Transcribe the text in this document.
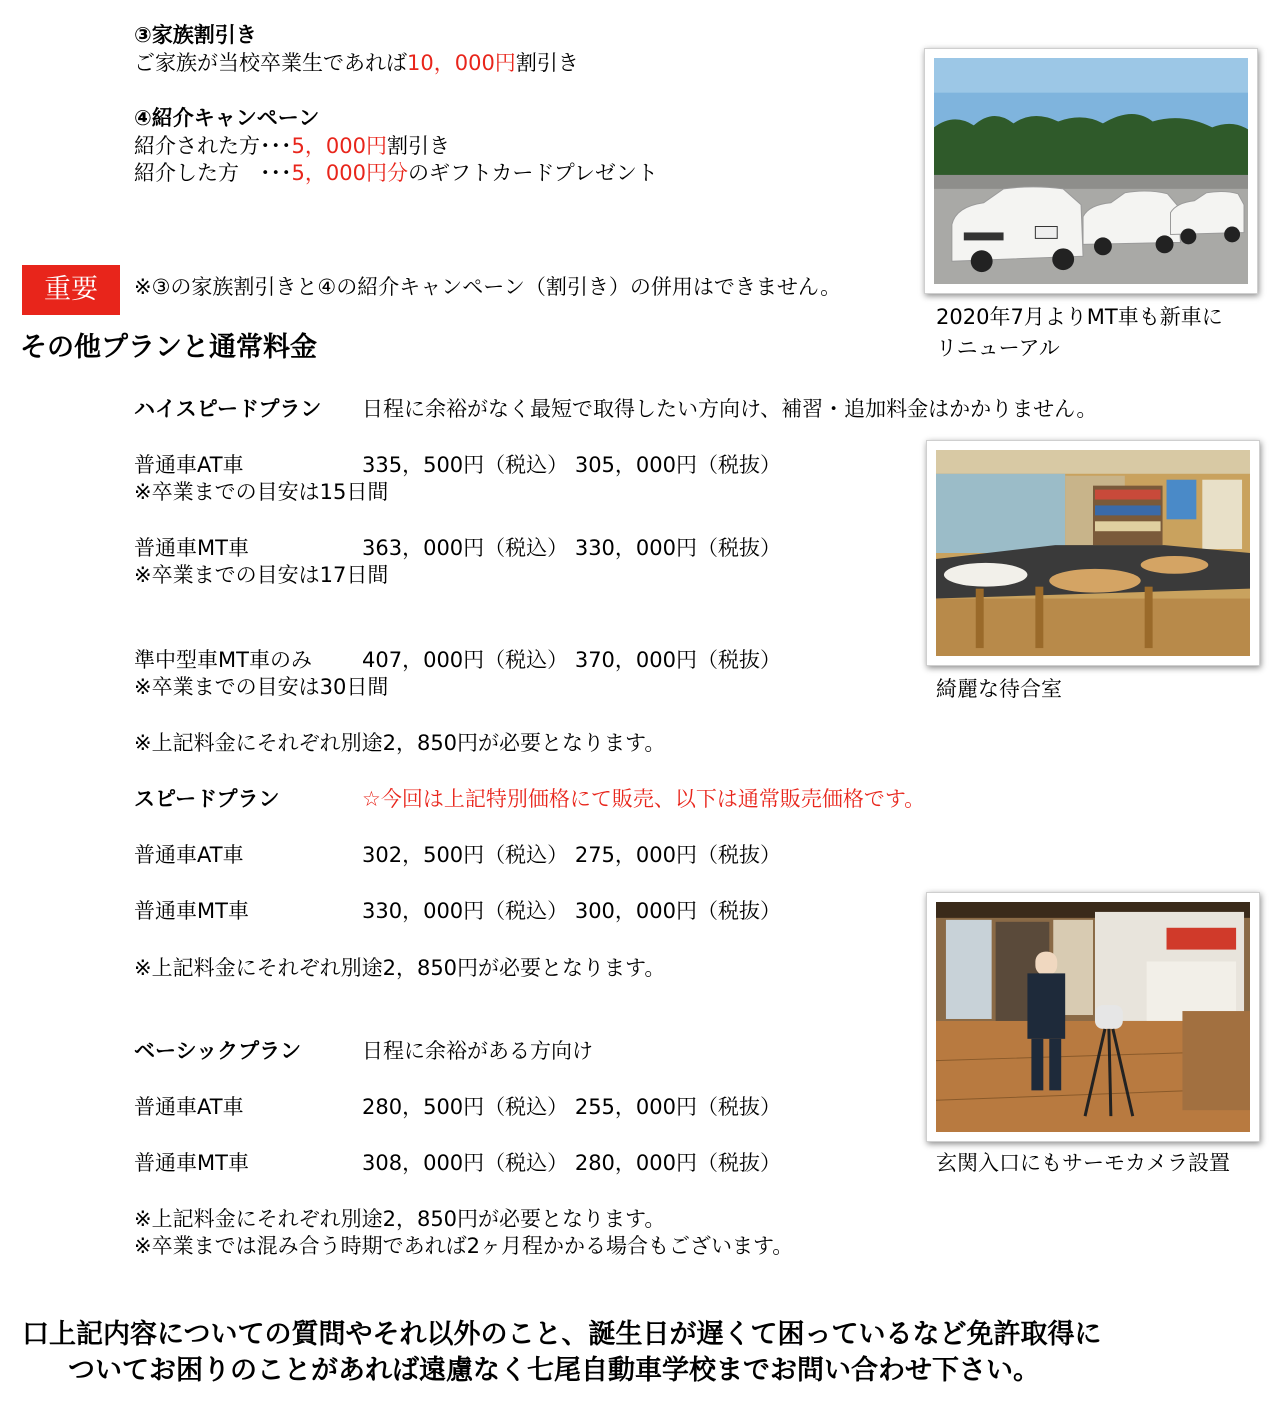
③家族割引き
ご家族が当校卒業生であれば10，000円割引き
④紹介キャンペーン
紹介された方･･･5，000円割引き
紹介した方　･･･5，000円分のギフトカードプレゼント
重要	※③の家族割引きと④の紹介キャンペーン（割引き）の併用はできません。
その他プランと通常料金
ハイスピードプラン 日程に余裕がなく最短で取得したい方向け、補習・追加料金はかかりません。
普通車AT車	335，500円（税込） 305，000円（税抜）
※卒業までの目安は15日間
普通車MT車	363，000円（税込） 330，000円（税抜）
※卒業までの目安は17日間
準中型車MT車のみ 407，000円（税込） 370，000円（税抜）
※卒業までの目安は30日間
※上記料金にそれぞれ別途2，850円が必要となります。
スピードプラン	☆今回は上記特別価格にて販売、以下は通常販売価格です。
普通車AT車	302，500円（税込） 275，000円（税抜）
普通車MT車	330，000円（税込） 300，000円（税抜）
※上記料金にそれぞれ別途2，850円が必要となります。
ベーシックプラン	日程に余裕がある方向け
普通車AT車	280，500円（税込） 255，000円（税抜）
普通車MT車	308，000円（税込） 280，000円（税抜）
※上記料金にそれぞれ別途2，850円が必要となります。
※卒業までは混み合う時期であれば2ヶ月程かかる場合もございます。
口上記内容についての質問やそれ以外のこと、誕生日が遅くて困っているなど免許取得に
ついてお困りのことがあれば遠慮なく七尾自動車学校までお問い合わせ下さい。
2020年7月よりMT車も新車に
リニューアル
綺麗な待合室
玄関入口にもサーモカメラ設置
